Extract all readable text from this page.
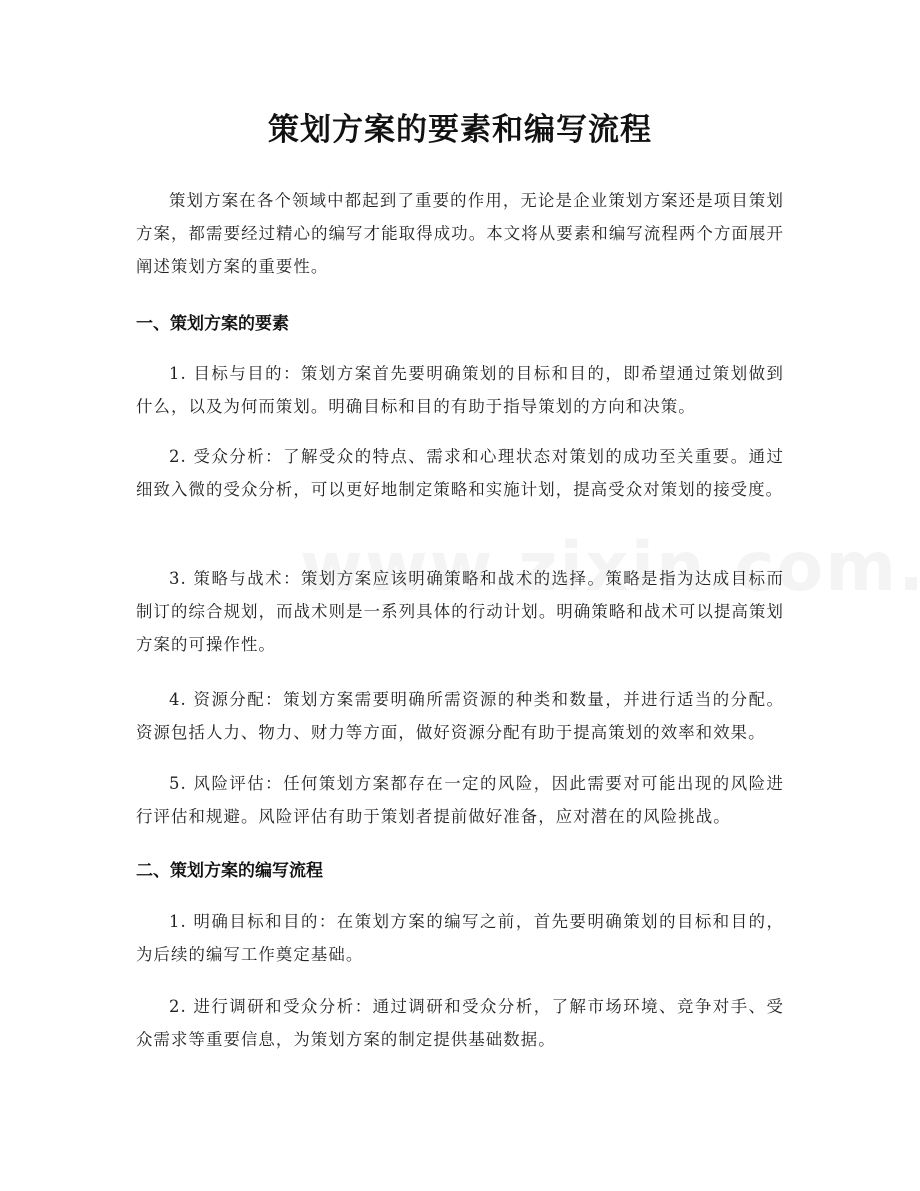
策划方案的要素和编写流程
策划方案在各个领域中都起到了重要的作用，无论是企业策划方案还是项目策划方案，都需要经过精心的编写才能取得成功。本文将从要素和编写流程两个方面展开阐述策划方案的重要性。
一、策划方案的要素
1. 目标与目的：策划方案首先要明确策划的目标和目的，即希望通过策划做到什么，以及为何而策划。明确目标和目的有助于指导策划的方向和决策。
2. 受众分析：了解受众的特点、需求和心理状态对策划的成功至关重要。通过细致入微的受众分析，可以更好地制定策略和实施计划，提高受众对策划的接受度。
3. 策略与战术：策划方案应该明确策略和战术的选择。策略是指为达成目标而制订的综合规划，而战术则是一系列具体的行动计划。明确策略和战术可以提高策划方案的可操作性。
4. 资源分配：策划方案需要明确所需资源的种类和数量，并进行适当的分配。资源包括人力、物力、财力等方面，做好资源分配有助于提高策划的效率和效果。
5. 风险评估：任何策划方案都存在一定的风险，因此需要对可能出现的风险进行评估和规避。风险评估有助于策划者提前做好准备，应对潜在的风险挑战。
二、策划方案的编写流程
1. 明确目标和目的：在策划方案的编写之前，首先要明确策划的目标和目的，为后续的编写工作奠定基础。
2. 进行调研和受众分析：通过调研和受众分析，了解市场环境、竞争对手、受众需求等重要信息，为策划方案的制定提供基础数据。
